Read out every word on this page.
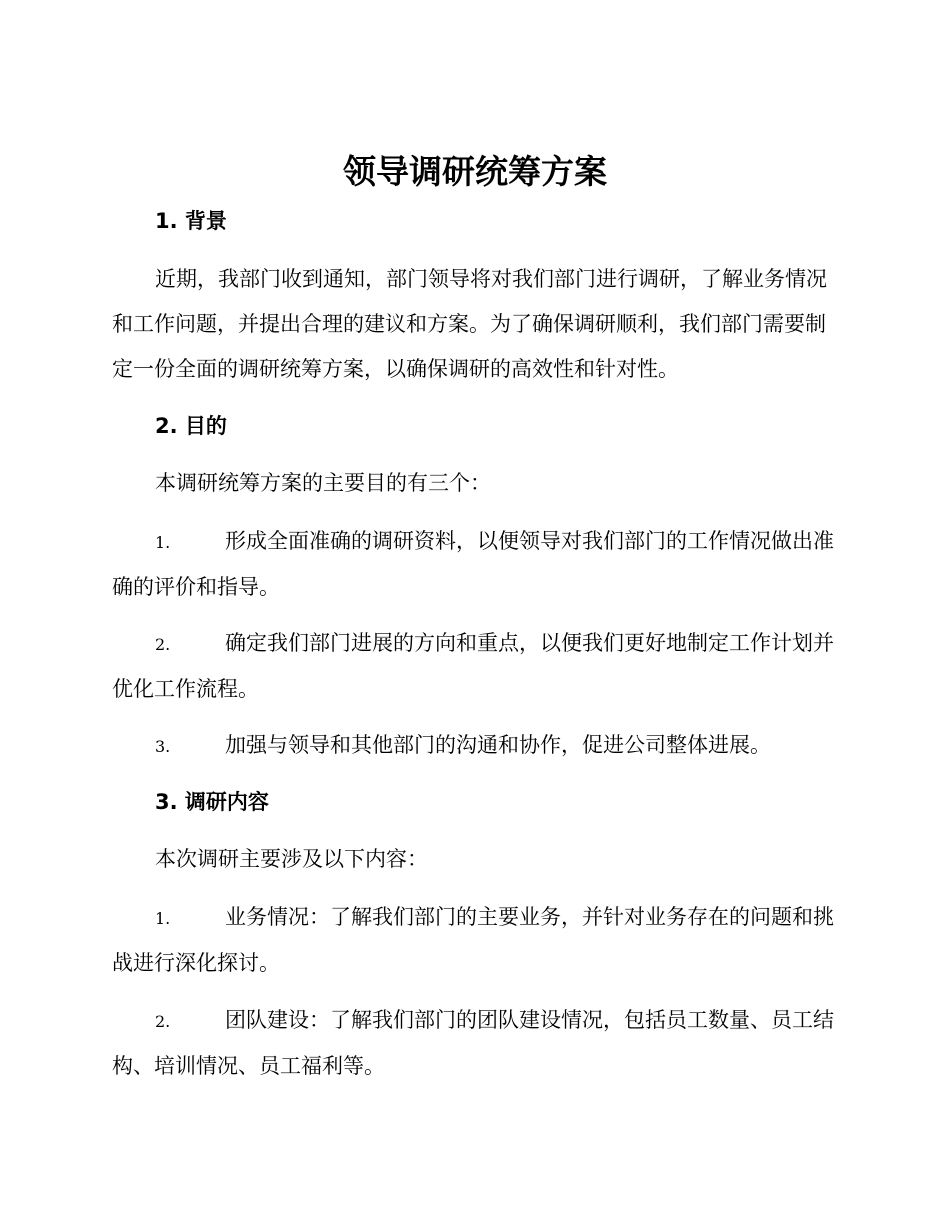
领导调研统筹方案
1. 背景

近期，我部门收到通知，部门领导将对我们部门进行调研，了解业务情况和工作问题，并提出合理的建议和方案。为了确保调研顺利，我们部门需要制定一份全面的调研统筹方案，以确保调研的高效性和针对性。

2. 目的

本调研统筹方案的主要目的有三个：

1.	形成全面准确的调研资料，以便领导对我们部门的工作情况做出准确的评价和指导。

2.	确定我们部门进展的方向和重点，以便我们更好地制定工作计划并优化工作流程。

3.	加强与领导和其他部门的沟通和协作，促进公司整体进展。

3. 调研内容

本次调研主要涉及以下内容：

1.	业务情况：了解我们部门的主要业务，并针对业务存在的问题和挑战进行深化探讨。

2.	团队建设：了解我们部门的团队建设情况，包括员工数量、员工结构、培训情况、员工福利等。
